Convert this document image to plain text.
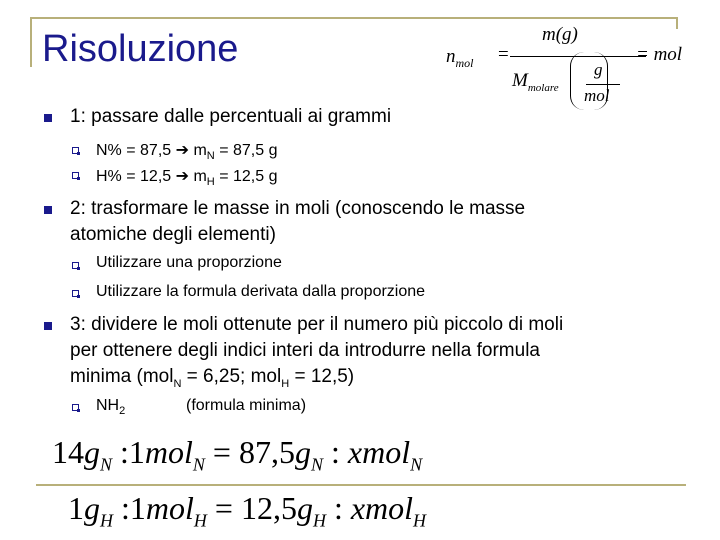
Risoluzione	$n_{mol}$ =
m(g)
$M_{molare}$
g
mol
= mol
1: passare dalle percentuali ai grammi
N% = 87,5 ➔ $m_N = 87,5$ g
H% = 12,5 ➔ $m_H = 12,5$ g
2: trasformare le masse in moli (conoscendo le masse
atomiche degli elementi)
Utilizzare una proporzione
Utilizzare la formula derivata dalla proporzione
3: dividere le moli ottenute per il numero più piccolo di moli
per ottenere degli indici interi da introdurre nella formula
minima (mol$_N$ = 6,25; mol$_H$ = 12,5)
$NH_2$	(formula minima)
$14g_N$ :1mol$_N$ = $87,5g_N$ : xmol$_N$
$1g_H$ :1mol$_H$ = $12,5g_H$ : xmol$_H$
